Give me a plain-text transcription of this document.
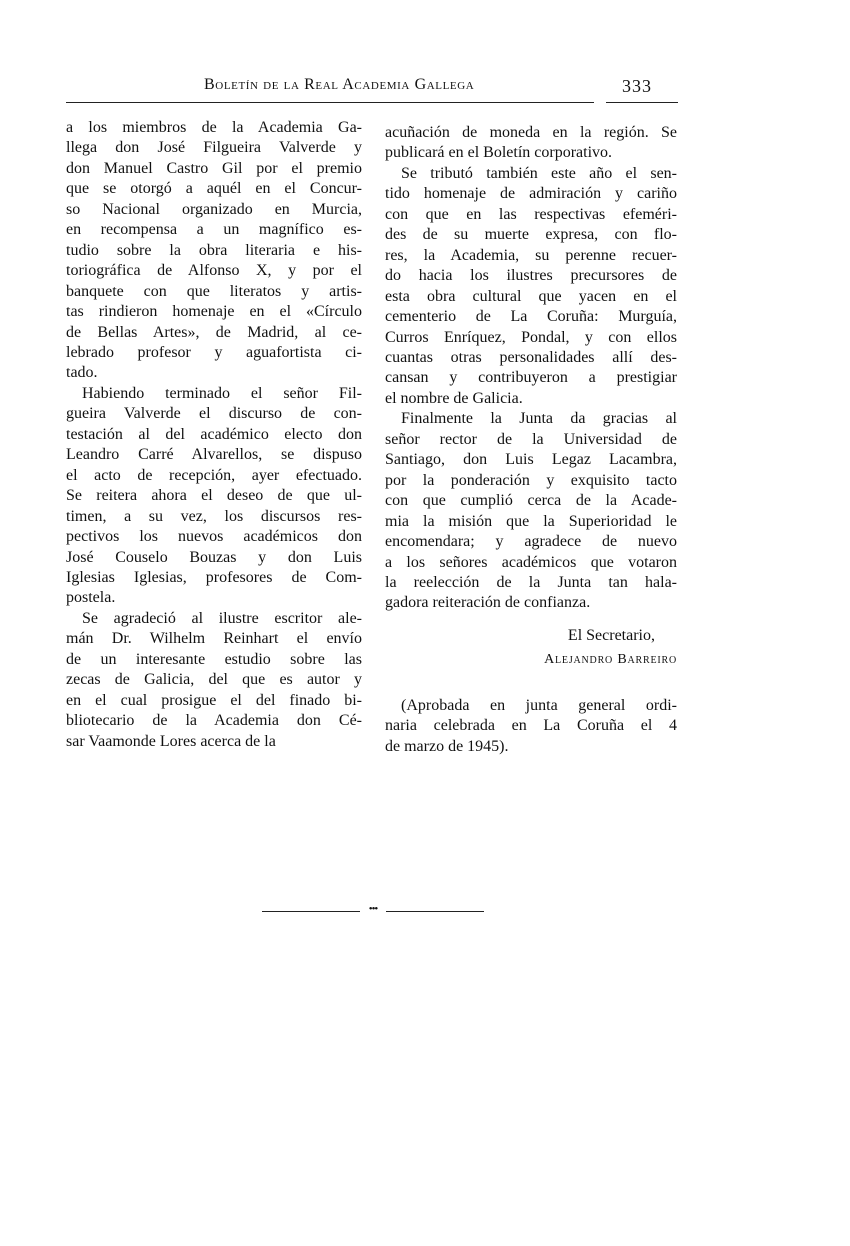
Boletín de la Real Academia Gallega	333
a los miembros de la Academia Ga-
llega don José Filgueira Valverde y
don Manuel Castro Gil por el premio
que se otorgó a aquél en el Concur-
so Nacional organizado en Murcia,
en recompensa a un magnífico es-
tudio sobre la obra literaria e his-
toriográfica de Alfonso X, y por el
banquete con que literatos y artis-
tas rindieron homenaje en el «Círculo
de Bellas Artes», de Madrid, al ce-
lebrado profesor y aguafortista ci-
tado.
Habiendo terminado el señor Fil-
gueira Valverde el discurso de con-
testación al del académico electo don
Leandro Carré Alvarellos, se dispuso
el acto de recepción, ayer efectuado.
Se reitera ahora el deseo de que ul-
timen, a su vez, los discursos res-
pectivos los nuevos académicos don
José Couselo Bouzas y don Luis
Iglesias Iglesias, profesores de Com-
postela.
Se agradeció al ilustre escritor ale-
mán Dr. Wilhelm Reinhart el envío
de un interesante estudio sobre las
zecas de Galicia, del que es autor y
en el cual prosigue el del finado bi-
bliotecario de la Academia don Cé-
sar Vaamonde Lores acerca de la
acuñación de moneda en la región. Se
publicará en el Boletín corporativo.
Se tributó también este año el sen-
tido homenaje de admiración y cariño
con que en las respectivas efeméri-
des de su muerte expresa, con flo-
res, la Academia, su perenne recuer-
do hacia los ilustres precursores de
esta obra cultural que yacen en el
cementerio de La Coruña: Murguía,
Curros Enríquez, Pondal, y con ellos
cuantas otras personalidades allí des-
cansan y contribuyeron a prestigiar
el nombre de Galicia.
Finalmente la Junta da gracias al
señor rector de la Universidad de
Santiago, don Luis Legaz Lacambra,
por la ponderación y exquisito tacto
con que cumplió cerca de la Acade-
mia la misión que la Superioridad le
encomendara; y agradece de nuevo
a los señores académicos que votaron
la reelección de la Junta tan hala-
gadora reiteración de confianza.
El Secretario,
Alejandro Barreiro
(Aprobada en junta general ordi-
naria celebrada en La Coruña el 4
de marzo de 1945).
•••
